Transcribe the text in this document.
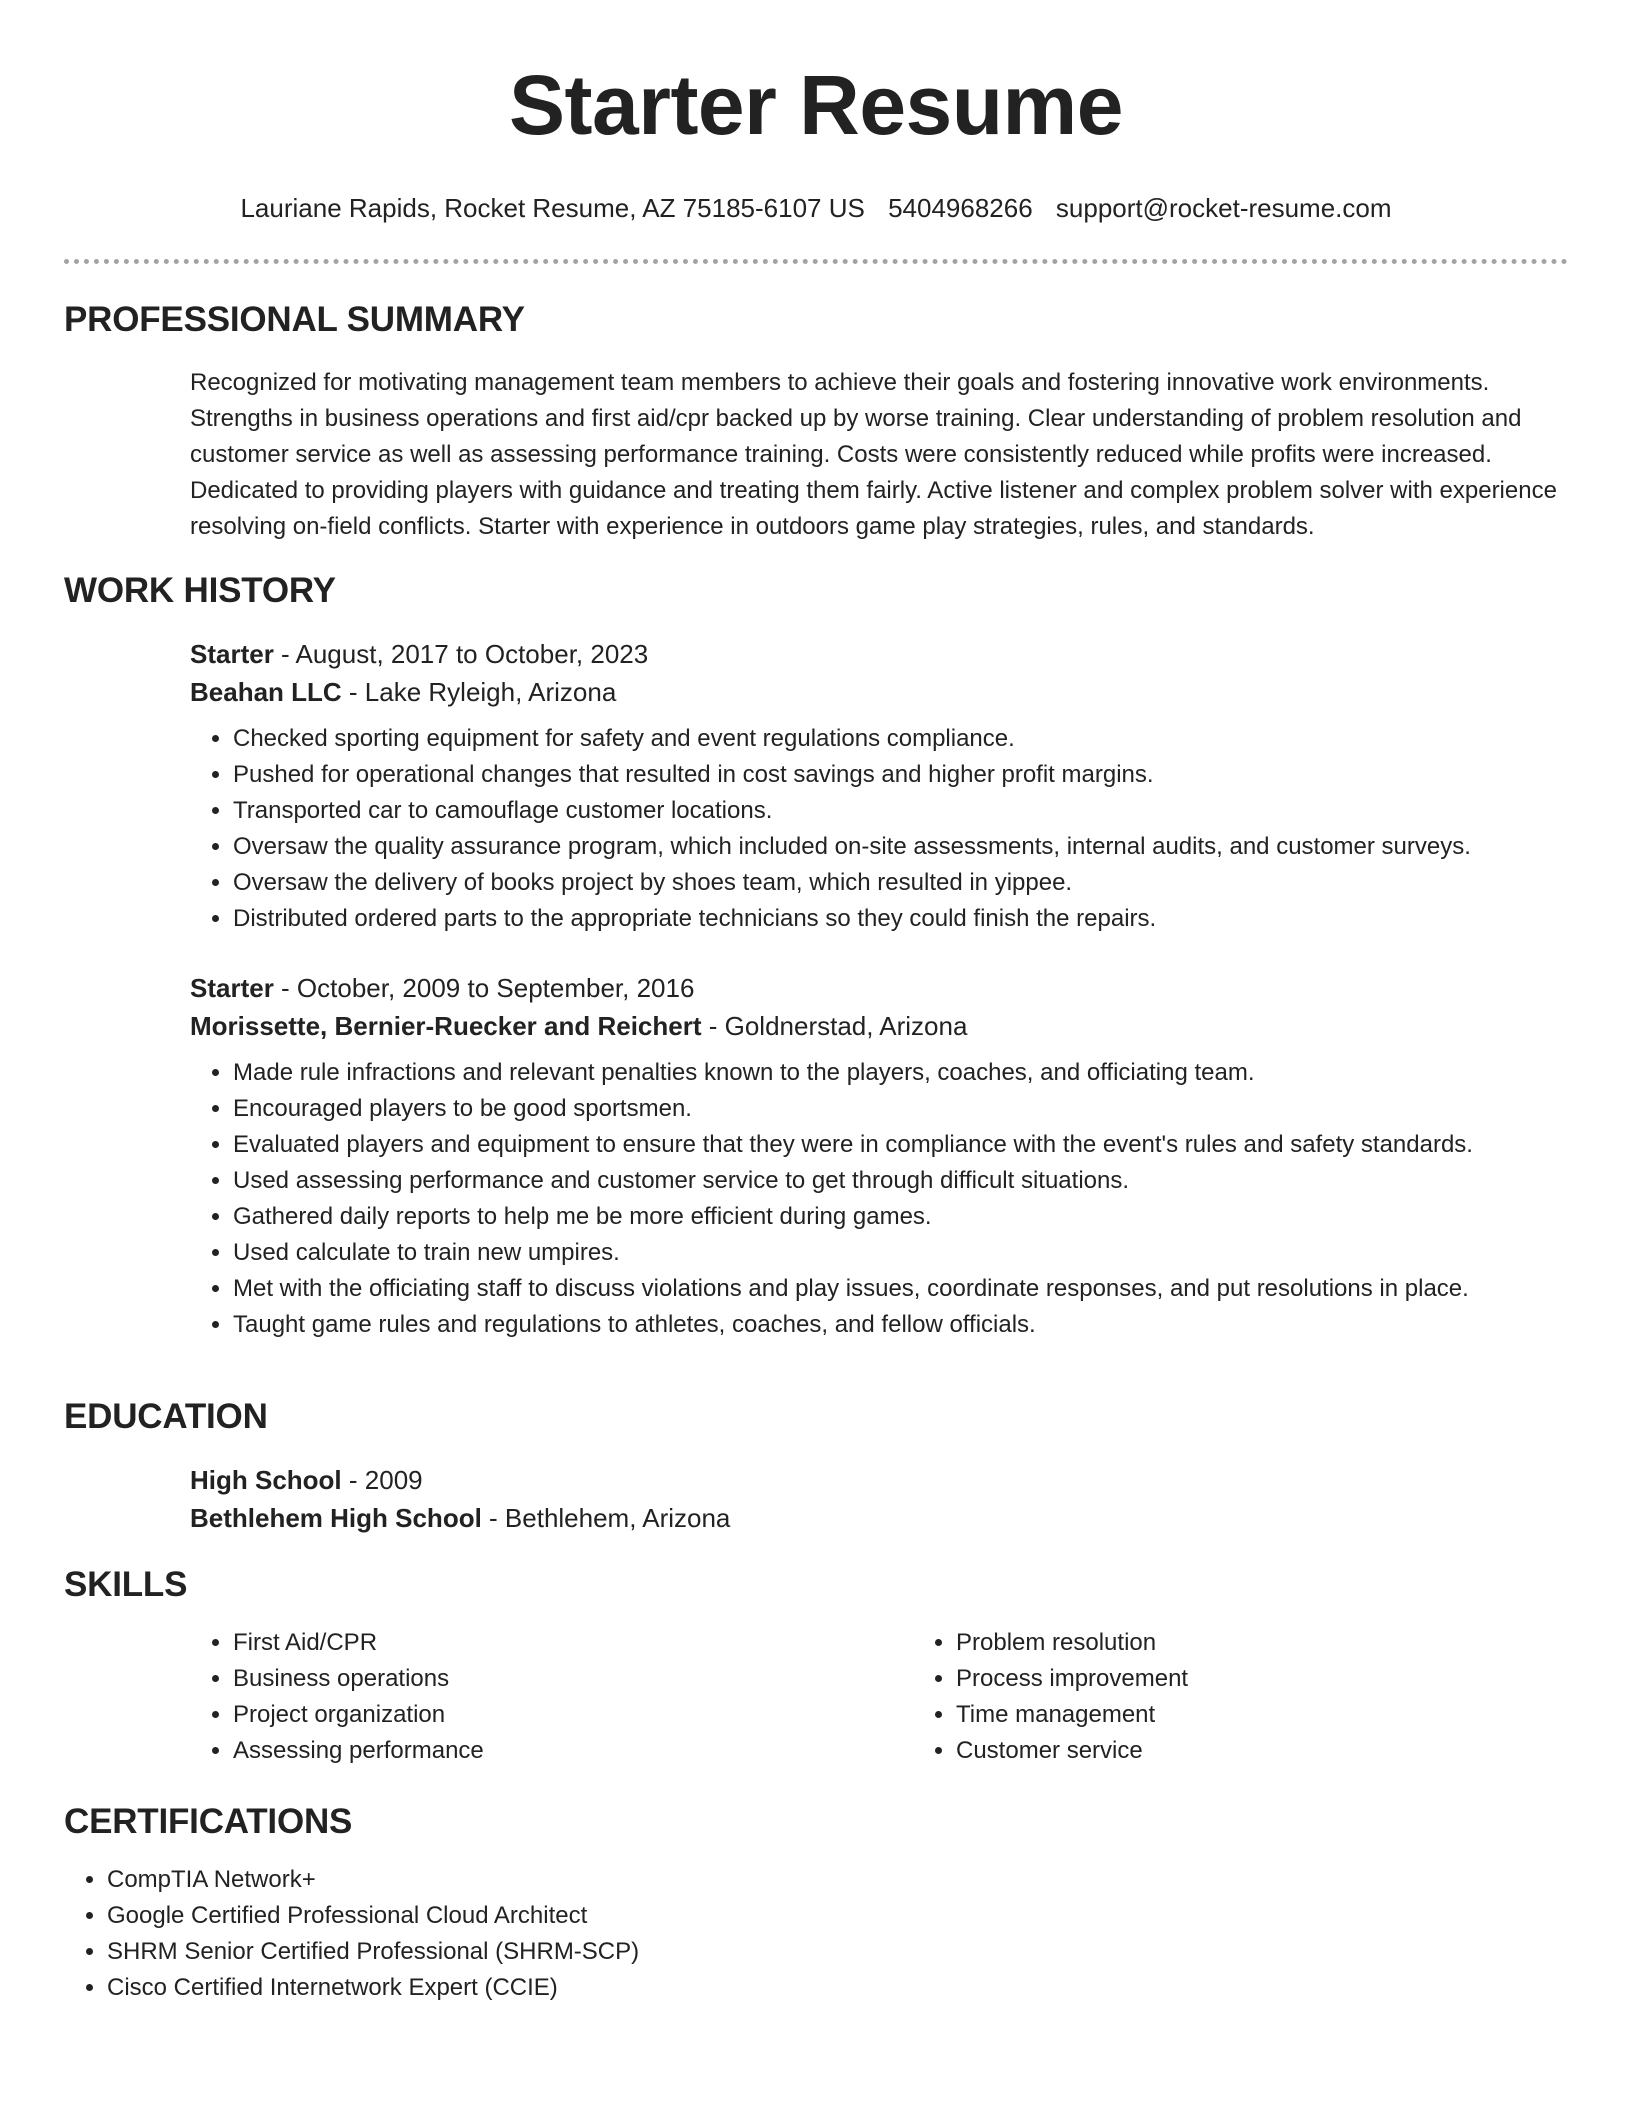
Starter Resume
Lauriane Rapids, Rocket Resume, AZ 75185-6107 US 5404968266 support@rocket-resume.com
PROFESSIONAL SUMMARY

Recognized for motivating management team members to achieve their goals and fostering innovative work environments. Strengths in business operations and first aid/cpr backed up by worse training. Clear understanding of problem resolution and customer service as well as assessing performance training. Costs were consistently reduced while profits were increased. Dedicated to providing players with guidance and treating them fairly. Active listener and complex problem solver with experience resolving on-field conflicts. Starter with experience in outdoors game play strategies, rules, and standards.

WORK HISTORY

Starter - August, 2017 to October, 2023

Beahan LLC - Lake Ryleigh, Arizona

• Checked sporting equipment for safety and event regulations compliance.
• Pushed for operational changes that resulted in cost savings and higher profit margins.
• Transported car to camouflage customer locations.
• Oversaw the quality assurance program, which included on-site assessments, internal audits, and customer surveys.
• Oversaw the delivery of books project by shoes team, which resulted in yippee.
• Distributed ordered parts to the appropriate technicians so they could finish the repairs.

Starter - October, 2009 to September, 2016

Morissette, Bernier-Ruecker and Reichert - Goldnerstad, Arizona

• Made rule infractions and relevant penalties known to the players, coaches, and officiating team.
• Encouraged players to be good sportsmen.
• Evaluated players and equipment to ensure that they were in compliance with the event's rules and safety standards.
• Used assessing performance and customer service to get through difficult situations.
• Gathered daily reports to help me be more efficient during games.
• Used calculate to train new umpires.
• Met with the officiating staff to discuss violations and play issues, coordinate responses, and put resolutions in place.
• Taught game rules and regulations to athletes, coaches, and fellow officials.
EDUCATION

High School - 2009

Bethlehem High School - Bethlehem, Arizona

SKILLS
• First Aid/CPR
• Business operations
• Project organization
• Assessing performance
• Problem resolution
• Process improvement
• Time management
• Customer service
CERTIFICATIONS
• CompTIA Network+
• Google Certified Professional Cloud Architect
• SHRM Senior Certified Professional (SHRM-SCP)
• Cisco Certified Internetwork Expert (CCIE)
